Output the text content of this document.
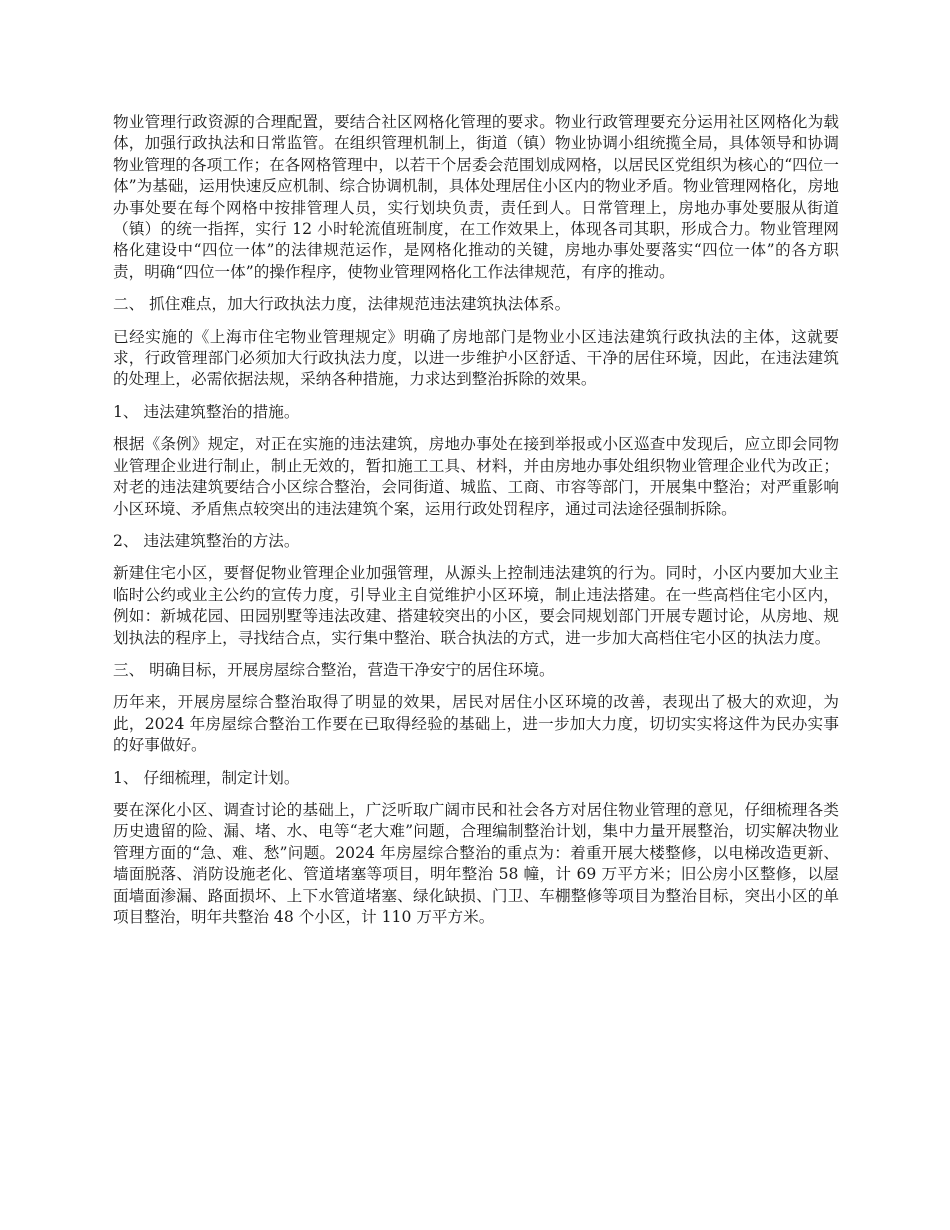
物业管理行政资源的合理配置，要结合社区网格化管理的要求。物业行政管理要充分运用社区网格化为载体，加强行政执法和日常监管。在组织管理机制上，街道（镇）物业协调小组统揽全局，具体领导和协调物业管理的各项工作；在各网格管理中，以若干个居委会范围划成网格，以居民区党组织为核心的“四位一体”为基础，运用快速反应机制、综合协调机制，具体处理居住小区内的物业矛盾。物业管理网格化，房地办事处要在每个网格中按排管理人员，实行划块负责，责任到人。日常管理上，房地办事处要服从街道（镇）的统一指挥，实行 12 小时轮流值班制度，在工作效果上，体现各司其职，形成合力。物业管理网格化建设中“四位一体”的法律规范运作，是网格化推动的关键，房地办事处要落实“四位一体”的各方职责，明确“四位一体”的操作程序，使物业管理网格化工作法律规范，有序的推动。

二、 抓住难点，加大行政执法力度，法律规范违法建筑执法体系。

已经实施的《上海市住宅物业管理规定》明确了房地部门是物业小区违法建筑行政执法的主体，这就要求，行政管理部门必须加大行政执法力度，以进一步维护小区舒适、干净的居住环境，因此，在违法建筑的处理上，必需依据法规，采纳各种措施，力求达到整治拆除的效果。

1、 违法建筑整治的措施。

根据《条例》规定，对正在实施的违法建筑，房地办事处在接到举报或小区巡查中发现后，应立即会同物业管理企业进行制止，制止无效的，暂扣施工工具、材料，并由房地办事处组织物业管理企业代为改正；对老的违法建筑要结合小区综合整治，会同街道、城监、工商、市容等部门，开展集中整治；对严重影响小区环境、矛盾焦点较突出的违法建筑个案，运用行政处罚程序，通过司法途径强制拆除。

2、 违法建筑整治的方法。

新建住宅小区，要督促物业管理企业加强管理，从源头上控制违法建筑的行为。同时，小区内要加大业主临时公约或业主公约的宣传力度，引导业主自觉维护小区环境，制止违法搭建。在一些高档住宅小区内，例如：新城花园、田园别墅等违法改建、搭建较突出的小区，要会同规划部门开展专题讨论，从房地、规划执法的程序上，寻找结合点，实行集中整治、联合执法的方式，进一步加大高档住宅小区的执法力度。

三、 明确目标，开展房屋综合整治，营造干净安宁的居住环境。

历年来，开展房屋综合整治取得了明显的效果，居民对居住小区环境的改善，表现出了极大的欢迎，为此，2024 年房屋综合整治工作要在已取得经验的基础上，进一步加大力度，切切实实将这件为民办实事的好事做好。

1、 仔细梳理，制定计划。

要在深化小区、调查讨论的基础上，广泛听取广阔市民和社会各方对居住物业管理的意见，仔细梳理各类历史遗留的险、漏、堵、水、电等“老大难”问题，合理编制整治计划，集中力量开展整治，切实解决物业管理方面的“急、难、愁”问题。2024 年房屋综合整治的重点为：着重开展大楼整修，以电梯改造更新、墙面脱落、消防设施老化、管道堵塞等项目，明年整治 58 幢，计 69 万平方米；旧公房小区整修，以屋面墙面渗漏、路面损坏、上下水管道堵塞、绿化缺损、门卫、车棚整修等项目为整治目标，突出小区的单项目整治，明年共整治 48 个小区，计 110 万平方米。
